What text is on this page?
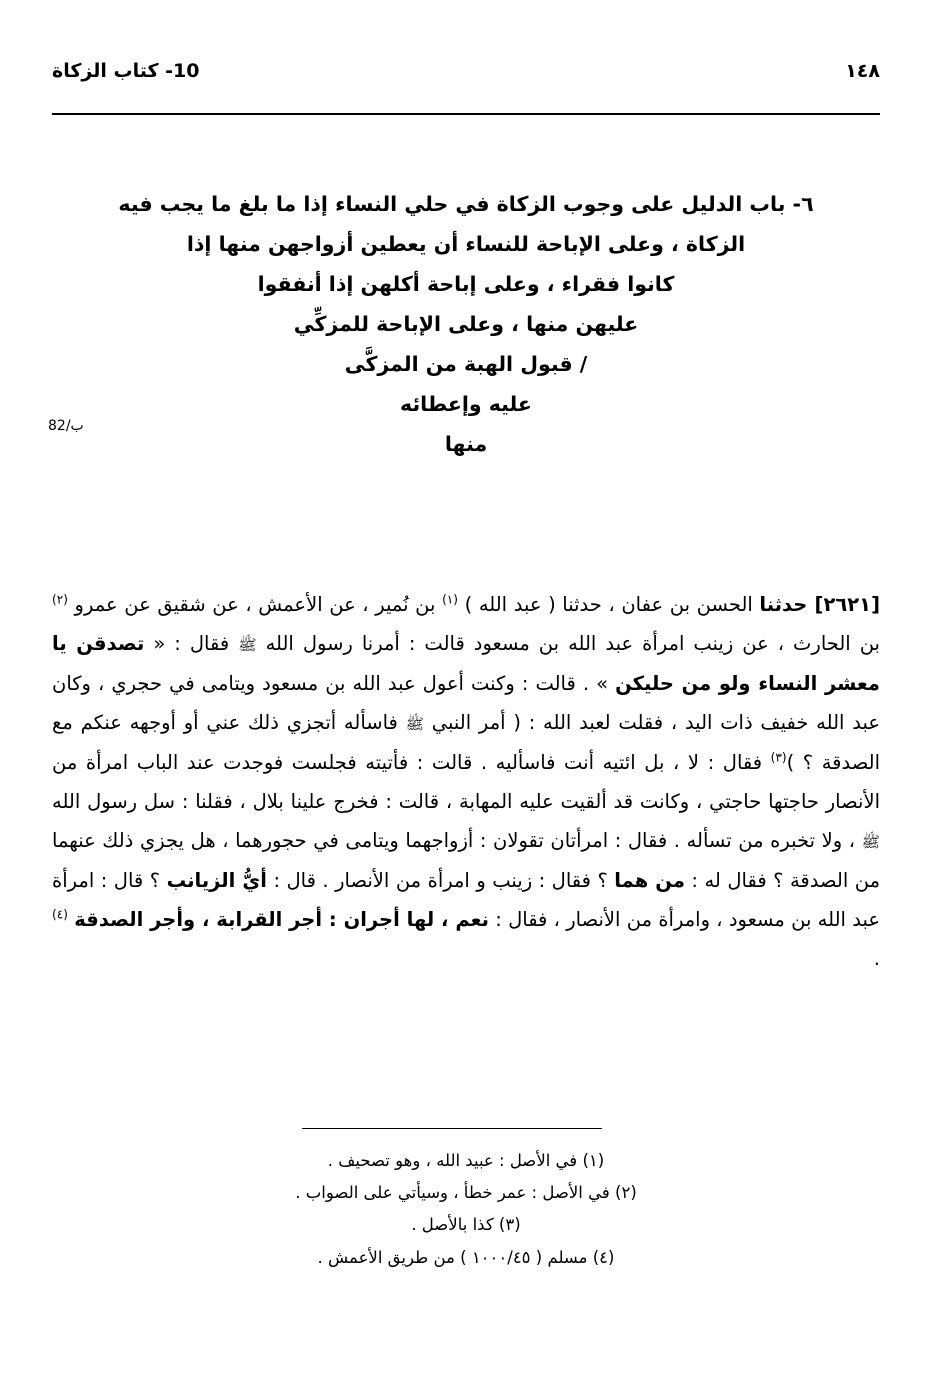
10- كتاب الزكاة	١٤٨
٦- باب الدليل على وجوب الزكاة في حلي النساء إذا ما بلغ ما يجب فيه
الزكاة ، وعلى الإباحة للنساء أن يعطين أزواجهن منها إذا
كانوا فقراء ، وعلى إباحة أكلهن إذا أنفقوا
عليهن منها ، وعلى الإباحة للمزكِّي
/ قبول الهبة من المزكَّى
عليه وإعطائه
منها
82/ب

[٢٦٢١] حدثنا الحسن بن عفان ، حدثنا ( عبد الله ) $^{(١)}$ بن نُمير ، عن الأعمش ، عن شقيق عن عمرو $^{(٢)}$ بن الحارث ، عن زينب امرأة عبد الله بن مسعود قالت : أمرنا رسول الله ﷺ فقال : « تصدقن يا معشر النساء ولو من حليكن » . قالت : وكنت أعول عبد الله بن مسعود ويتامى في حجري ، وكان عبد الله خفيف ذات اليد ، فقلت لعبد الله : ( أمر النبي ﷺ فاسأله أتجزي ذلك عني أو أوجهه عنكم مع الصدقة ؟ )$^{(٣)}$ فقال : لا ، بل ائتيه أنت فاسأليه . قالت : فأتيته فجلست فوجدت عند الباب امرأة من الأنصار حاجتها حاجتي ، وكانت قد ألقيت عليه المهابة ، قالت : فخرج علينا بلال ، فقلنا : سل رسول الله ﷺ ، ولا تخبره من تسأله . فقال : امرأتان تقولان : أزواجهما ويتامى في حجورهما ، هل يجزي ذلك عنهما من الصدقة ؟ فقال له : من هما ؟ فقال : زينب و امرأة من الأنصار . قال : أيُّ الزيانب ؟ قال : امرأة عبد الله بن مسعود ، وامرأة من الأنصار ، فقال : نعم ، لها أجران : أجر القرابة ، وأجر الصدقة $^{(٤)}$ .

(١) في الأصل : عبيد الله ، وهو تصحيف .
(٢) في الأصل : عمر خطأ ، وسيأتي على الصواب .
(٣) كذا بالأصل .
(٤) مسلم ( ١٠٠٠/٤٥ ) من طريق الأعمش .
